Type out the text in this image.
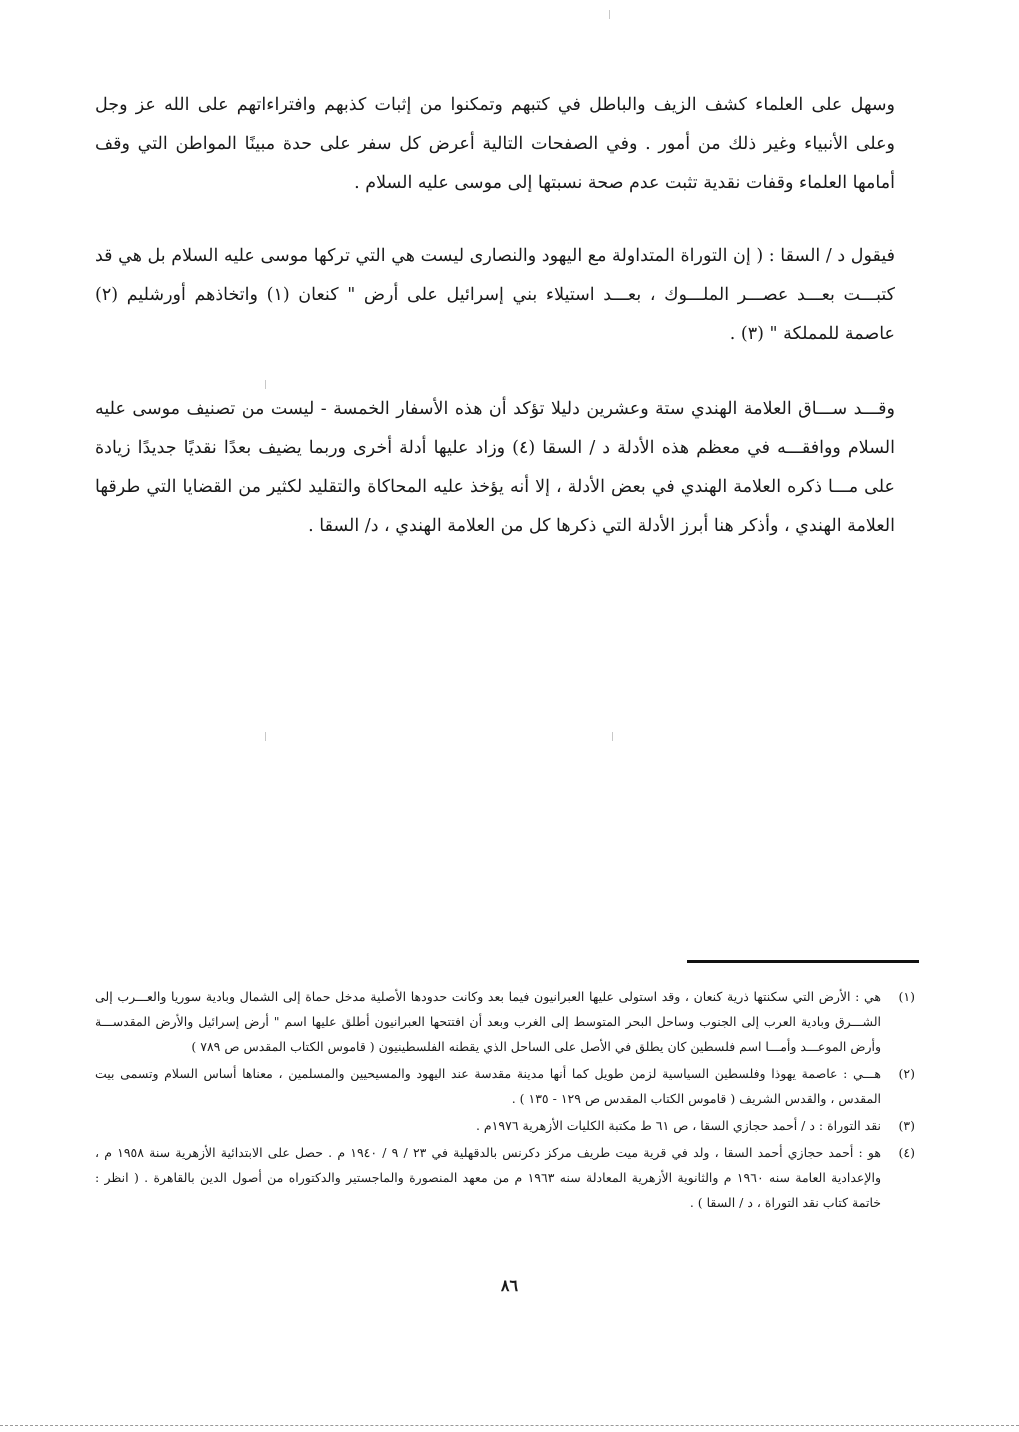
وسهل على العلماء كشف الزيف والباطل في كتبهم وتمكنوا من إثبات كذبهم وافتراءاتهم على الله عز وجل وعلى الأنبياء وغير ذلك من أمور . وفي الصفحات التالية أعرض كل سفر على حدة مبينًا المواطن التي وقف أمامها العلماء وقفات نقدية تثبت عدم صحة نسبتها إلى موسى عليه السلام .

فيقول د / السقا : ( إن التوراة المتداولة مع اليهود والنصارى ليست هي التي تركها موسى عليه السلام بل هي قد كتبـــت بعـــد عصـــر الملـــوك ، بعـــد استيلاء بني إسرائيل على أرض " كنعان (١) واتخاذهم أورشليم (٢) عاصمة للمملكة " (٣) .

وقـــد ســـاق العلامة الهندي ستة وعشرين دليلا تؤكد أن هذه الأسفار الخمسة - ليست من تصنيف موسى عليه السلام ووافقـــه في معظم هذه الأدلة د / السقا (٤) وزاد عليها أدلة أخرى وربما يضيف بعدًا نقديًا جديدًا زيادة على مـــا ذكره العلامة الهندي في بعض الأدلة ، إلا أنه يؤخذ عليه المحاكاة والتقليد لكثير من القضايا التي طرقها العلامة الهندي ، وأذكر هنا أبرز الأدلة التي ذكرها كل من العلامة الهندي ، د/ السقا .

(١)
هي : الأرض التي سكنتها ذرية كنعان ، وقد استولى عليها العبرانيون فيما بعد وكانت حدودها الأصلية مدخل حماة إلى الشمال وبادية سوريا والعـــرب إلى الشـــرق وبادية العرب إلى الجنوب وساحل البحر المتوسط إلى الغرب وبعد أن افتتحها العبرانيون أطلق عليها اسم " أرض إسرائيل والأرض المقدســـة وأرض الموعـــد وأمـــا اسم فلسطين كان يطلق في الأصل على الساحل الذي يقطنه الفلسطينيون ( قاموس الكتاب المقدس ص ٧٨٩ )
(٢)
هـــي : عاصمة يهوذا وفلسطين السياسية لزمن طويل كما أنها مدينة مقدسة عند اليهود والمسيحيين والمسلمين ، معناها أساس السلام وتسمى بيت المقدس ، والقدس الشريف ( قاموس الكتاب المقدس ص ١٢٩ - ١٣٥ ) .
(٣)
نقد التوراة : د / أحمد حجازي السقا ، ص ٦١ ط مكتبة الكليات الأزهرية ١٩٧٦م .
(٤)
هو : أحمد حجازي أحمد السقا ، ولد في قرية ميت طريف مركز دكرنس بالدقهلية في ٢٣ / ٩ / ١٩٤٠ م . حصل على الابتدائية الأزهرية سنة ١٩٥٨ م ، والإعدادية العامة سنه ١٩٦٠ م والثانوية الأزهرية المعادلة سنه ١٩٦٣ م من معهد المنصورة والماجستير والدكتوراه من أصول الدين بالقاهرة . ( انظر : خاتمة كتاب نقد التوراة ، د / السقا ) .
٨٦
